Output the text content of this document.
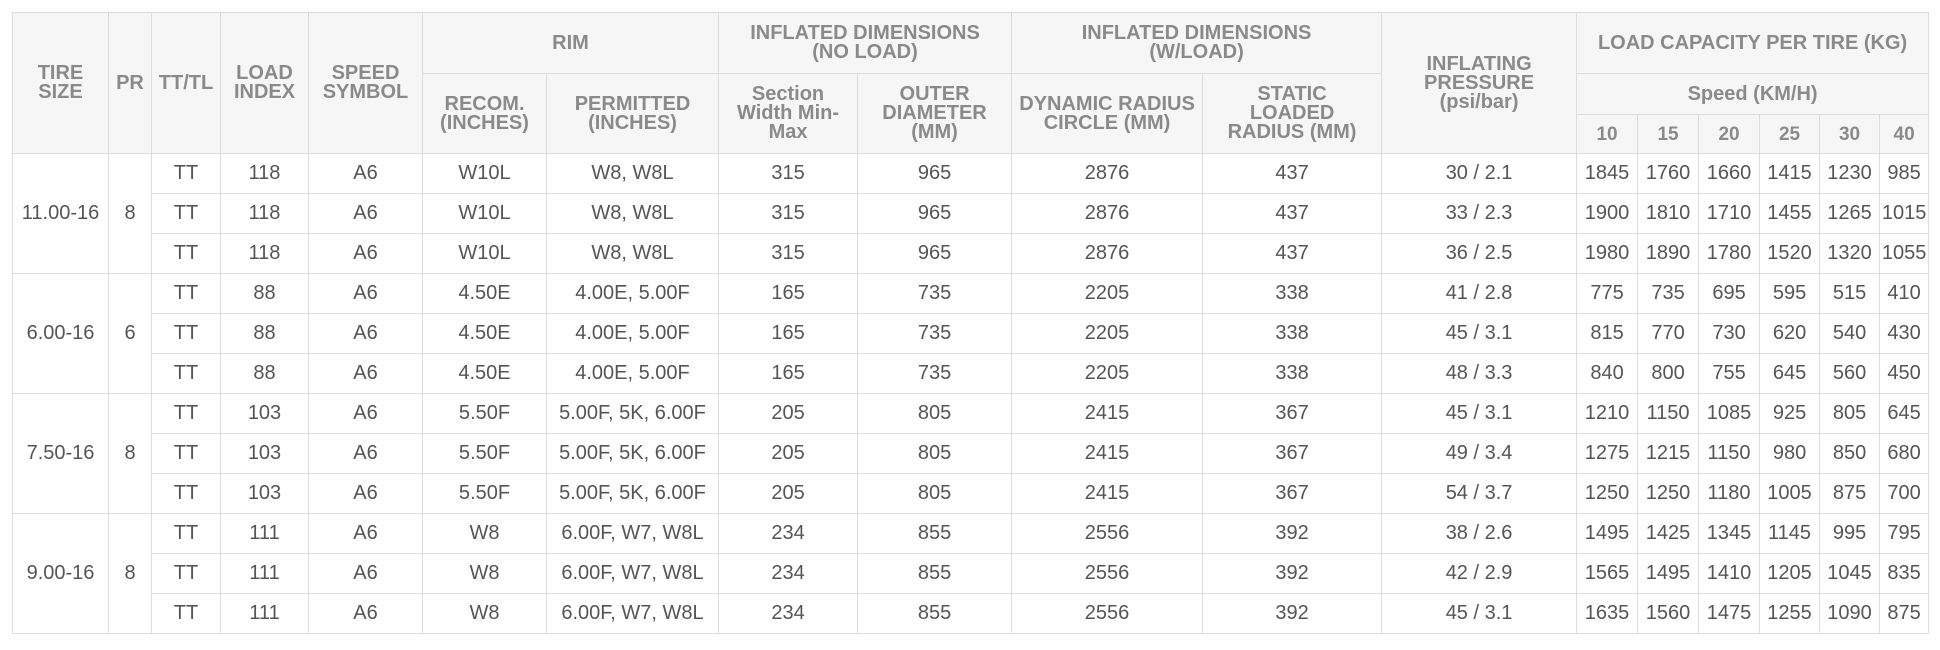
TIRE SIZE	PR	TT/TL	LOAD INDEX	SPEED SYMBOL	RIM		INFLATED DIMENSIONS (NO LOAD)		INFLATED DIMENSIONS (W/LOAD)		INFLATING PRESSURE (psi/bar)	LOAD CAPACITY PER TIRE (KG)					
					RECOM. (INCHES)	PERMITTED (INCHES)	Section Width Min-Max	OUTER DIAMETER (MM)	DYNAMIC RADIUS CIRCLE (MM)	STATIC LOADED RADIUS (MM)		Speed (KM/H)					
												10	15	20	25	30	40
11.00-16	8	TT	118	A6	W10L	W8, W8L	315	965	2876	437	30 / 2.1	1845	1760	1660	1415	1230	985
		TT	118	A6	W10L	W8, W8L	315	965	2876	437	33 / 2.3	1900	1810	1710	1455	1265	1015
		TT	118	A6	W10L	W8, W8L	315	965	2876	437	36 / 2.5	1980	1890	1780	1520	1320	1055
6.00-16	6	TT	88	A6	4.50E	4.00E, 5.00F	165	735	2205	338	41 / 2.8	775	735	695	595	515	410
		TT	88	A6	4.50E	4.00E, 5.00F	165	735	2205	338	45 / 3.1	815	770	730	620	540	430
		TT	88	A6	4.50E	4.00E, 5.00F	165	735	2205	338	48 / 3.3	840	800	755	645	560	450
7.50-16	8	TT	103	A6	5.50F	5.00F, 5K, 6.00F	205	805	2415	367	45 / 3.1	1210	1150	1085	925	805	645
		TT	103	A6	5.50F	5.00F, 5K, 6.00F	205	805	2415	367	49 / 3.4	1275	1215	1150	980	850	680
		TT	103	A6	5.50F	5.00F, 5K, 6.00F	205	805	2415	367	54 / 3.7	1250	1250	1180	1005	875	700
9.00-16	8	TT	111	A6	W8	6.00F, W7, W8L	234	855	2556	392	38 / 2.6	1495	1425	1345	1145	995	795
		TT	111	A6	W8	6.00F, W7, W8L	234	855	2556	392	42 / 2.9	1565	1495	1410	1205	1045	835
		TT	111	A6	W8	6.00F, W7, W8L	234	855	2556	392	45 / 3.1	1635	1560	1475	1255	1090	875
